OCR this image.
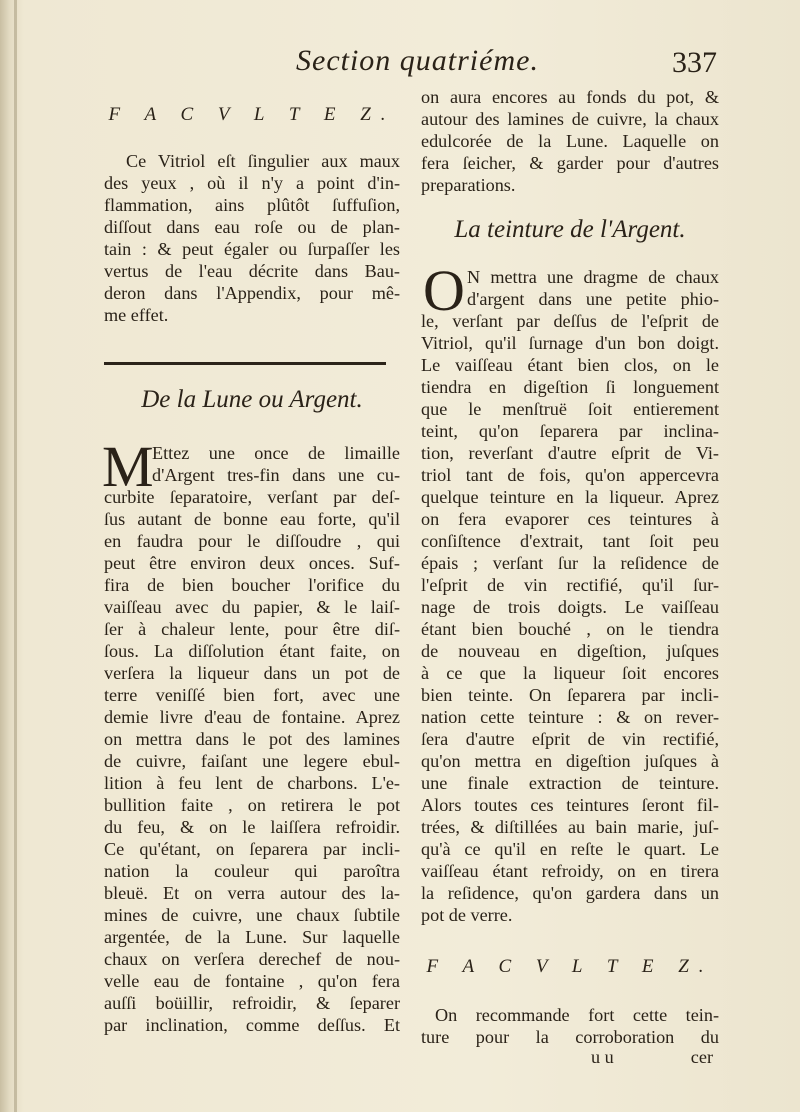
Section quatriéme.	337
F A C V L T E Z.
Ce Vitriol eſt ſingulier aux maux
des yeux , où il n'y a point d'in-
flammation, ains plûtôt ſuffuſion,
diſſout dans eau roſe ou de plan-
tain : & peut égaler ou ſurpaſſer les
vertus de l'eau décrite dans Bau-
deron dans l'Appendix, pour mê-
me effet.
De la Lune ou Argent.
M
Ettez une once de limaille
d'Argent tres-fin dans une cu-
curbite ſeparatoire, verſant par deſ-
ſus autant de bonne eau forte, qu'il
en faudra pour le diſſoudre , qui
peut être environ deux onces. Suf-
fira de bien boucher l'orifice du
vaiſſeau avec du papier, & le laiſ-
ſer à chaleur lente, pour être diſ-
ſous. La diſſolution étant faite, on
verſera la liqueur dans un pot de
terre veniſſé bien fort, avec une
demie livre d'eau de fontaine. Aprez
on mettra dans le pot des lamines
de cuivre, faiſant une legere ebul-
lition à feu lent de charbons. L'e-
bullition faite , on retirera le pot
du feu, & on le laiſſera refroidir.
Ce qu'étant, on ſeparera par incli-
nation la couleur qui paroîtra
bleuë. Et on verra autour des la-
mines de cuivre, une chaux ſubtile
argentée, de la Lune. Sur laquelle
chaux on verſera derechef de nou-
velle eau de fontaine , qu'on fera
auſſi boüillir, refroidir, & ſeparer
par inclination, comme deſſus. Et
on aura encores au fonds du pot, &
autour des lamines de cuivre, la chaux
edulcorée de la Lune. Laquelle on
fera ſeicher, & garder pour d'autres
preparations.
La teinture de l'Argent.
O N mettra une dragme de chaux
d'argent dans une petite phio-
le, verſant par deſſus de l'eſprit de
Vitriol, qu'il ſurnage d'un bon doigt.
Le vaiſſeau étant bien clos, on le
tiendra en digeſtion ſi longuement
que le menſtruë ſoit entierement
teint, qu'on ſeparera par inclina-
tion, reverſant d'autre eſprit de Vi-
triol tant de fois, qu'on appercevra
quelque teinture en la liqueur. Aprez
on fera evaporer ces teintures à
conſiſtence d'extrait, tant ſoit peu
épais ; verſant ſur la reſidence de
l'eſprit de vin rectifié, qu'il ſur-
nage de trois doigts. Le vaiſſeau
étant bien bouché , on le tiendra
de nouveau en digeſtion, juſques
à ce que la liqueur ſoit encores
bien teinte. On ſeparera par incli-
nation cette teinture : & on rever-
ſera d'autre eſprit de vin rectifié,
qu'on mettra en digeſtion juſques à
une finale extraction de teinture.
Alors toutes ces teintures ſeront fil-
trées, & diſtillées au bain marie, juſ-
qu'à ce qu'il en reſte le quart. Le
vaiſſeau étant refroidy, on en tirera
la reſidence, qu'on gardera dans un
pot de verre.
F A C V L T E Z.
On recommande fort cette tein-
ture pour la corroboration du
u u	cer
